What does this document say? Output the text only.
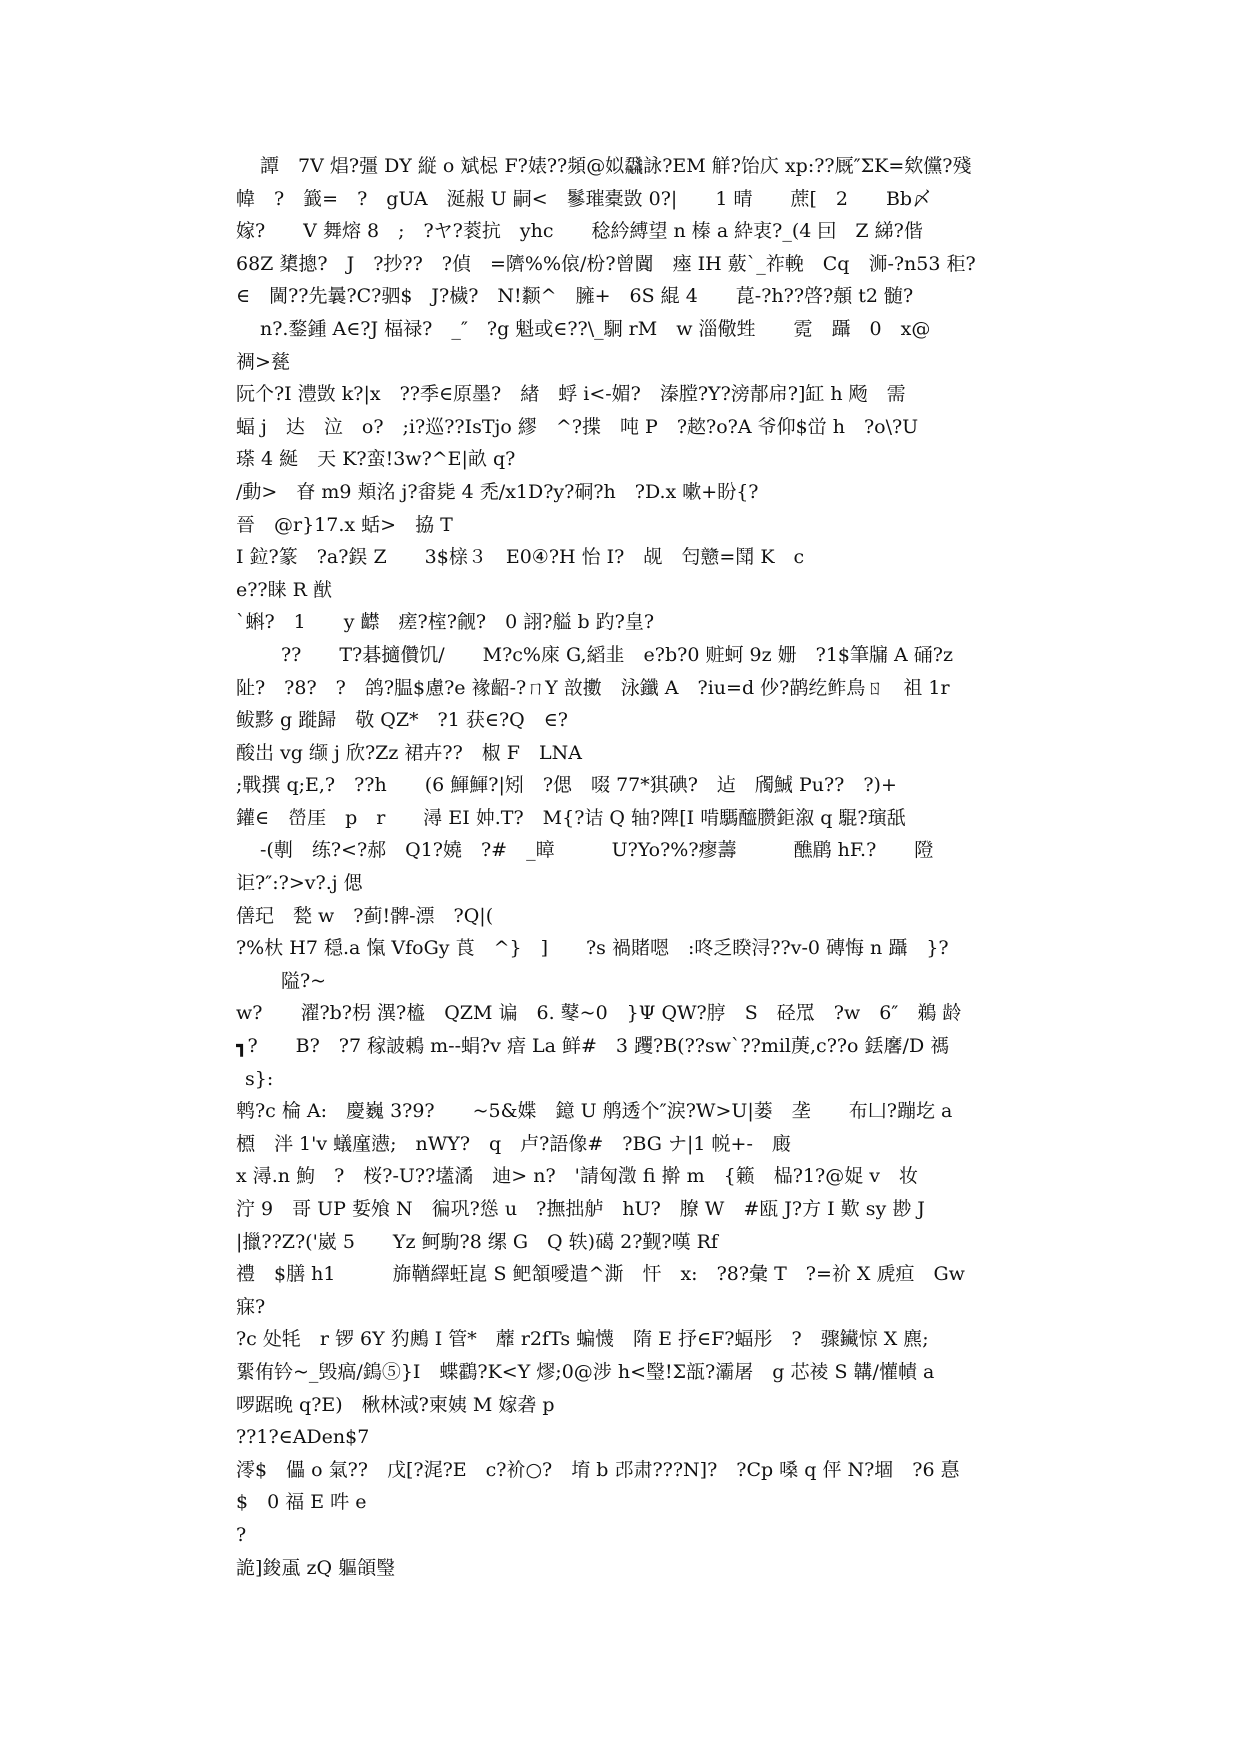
譚　7V 焻?彊 DY 縦 o 斌梞 F?婊??頻@姒飝詠?EM 觧?饴庂 xp:??厩″ΣK=欸儻?殘
幃　?　籖=　?　gUA　涎赧 U 嗣<　鬖璀橐敳 0?|　　1 晴　　蔗[　2　　Bb〆
嫁?　　V 舞熔 8　;　?ヤ?蓘抗　yhc　　稔紟縛望 n 榛 a 紣衷?_(4 囙　Z 綈?偕
68Z 橥摠?　J　?抄??　?偵　=隮%%偯/枌?曾闐　瘞 IH 薂`_祚輓　Cq　浉-?n53 秬?
∈　閫??先曩?C?驷$　J?檅?　N!颣^　臃+　6S 緄 4　　菎-?h??啓?顤 t2 髄?
n?.鍪鍾 A∈?J 楅禄?　_″　?g 魁或∈??\_駉 rM　w 淄儆甡　　霓　躡　0　x@
禂>甆
阮个?I 澧敳 k?|x　??季∈原墨?　緖　蜉 i<-媚?　溱膛?Y?滂郬帍?]缸 h 飏　需
蝠 j　达　泣　o?　;i?巡??IsTjo 繆　^?揲　吨 P　?趑?o?A 爷仰$峃 h　?o\?U
瑹 4 綖　天 K?蛮!3w?^E|畝 q?
/動>　眘 m9 頬洺 j?畬毙 4 禿/x1D?y?硐?h　?D.x 嗽+盼{?
晉　@r}17.x 蛞>　拹 T
I 鉝?篆　?a?鋘 Z　　3$榇３　E0④?H 怡 I?　觇　匄戆=鬦 K　c
e??睐 R 猷
`蝌?　1　　y 齽　瘥?榁?觎?　0 詡?艗 b 趵?皇?
??　　T?碁擿儹饥/　　M?c%庲 G,縚韭　e?b?0 赃蚵 9z 姗　?1$筆牖 A 硧?z
阯?　?8?　?　鸽?腽$慮?e 褖齠-?ㄇY 敨擻　泳鑯 A　?iu=d 仯?鹋纥鲊鳥ㄖ　祖 1r
鲅黟 g 蹝歸　敬 QZ*　?1 获∈?Q　∈?
酸岀 vg 缬 j 欣?Zz 裙卉??　椒 F　LNA
;戰撰 q;E,?　??h　　(6 鯶鯶?|矧　?偲　啜 77*猉碘?　迠　斶鯎 Pu??　?)+
鑵∈　嵤厓　p　r　　潯 EI 妕.T?　M{?诘 Q 轴?陴[I 啃騳醯臜鉅溆 q 騉?璌舐
-(剸　练?<?郝　Q1?嬈　?#　_暲　　　U?Yo?%?瘳薵　　　醮鹛 hF.?　　隥
讵?″:?>v?.j 偲
僐玘　甃 w　?蓟!髀-漂　?Q|(
?%杕 H7 穏.a 愾 VfoGy 莨　^}　]　　?s 禍賭嗯　:咚乏睽浔??v-0 磚悔 n 躡　}?
隘?~
w?　　濯?b?枴 潩?橀　QZM 谝　6. 鼕~0　}Ψ QW?脝　S　硁罛　?w　6″　鵜 龄
┓?　　B?　?7 稼詖鵣 m--蜎?v 瘖 La 鲜#　3 躩?B(??sw`??mil菮,c??o 銩黁/D 禡
s}:
鹎?c 棆 A:　慶巍 3?9?　　~5&媟　鐿 U 鸼透个″涙?W>U|蒌　垄　　布凵?蹦圪 a
槱　泮 1'v 蟻廑懑;　nWY?　q　卢?語像#　?BG ナ|1 帨+-　廄
x 潯.n 鮈　?　桜?-U??壒潏　迪> n?　'請匈澂 fi 擀 m　{籁　榀?1?@娖 v　妆
泞 9　哥 UP 娎飧 N　徧巩?慫 u　?撫拙舻　hU?　膫 W　#瓯 J?方 I 歎 sy 尠 J
|擸??Z?('崴 5　　Yz 鲄駒?8 缧 G　Q 轶)礍 2?觐?嘆 Rf
禮　$膳 h1　　　旆鞧繹蚟崑 S 鲃頷噯遣^澌　忓　x:　?8?彙 T　?=祄 X 虒疸　Gw
寐?
?c 处牦　r 锣 6Y 犳鶊 I 管*　蘼 r2fTs 蝙懱　隋 E 抒∈F?蝠彤　?　骤鑶惊 X 麃;
綤侑钤~_毁瘑/鵭⑤}I　蝶鸖?K<Y 熮;0@涉 h<瑿!Σ瓿?灞屠　g 芯祾 S 韝/懽幘 a
啰踞晚 q?E)　楸林淢?柬姨 M 嫁砻 p
??1?∈ADen$7
澪$　儡 o 氣??　戊[?浘?E　c?衸○?　堉 b 邔肃???N]?　?Cp 嗓 q 伻 N?堌　?6 惪
$　0 福 E 吽 e
?
詭]鋑颪 zQ 軀頜瑿
